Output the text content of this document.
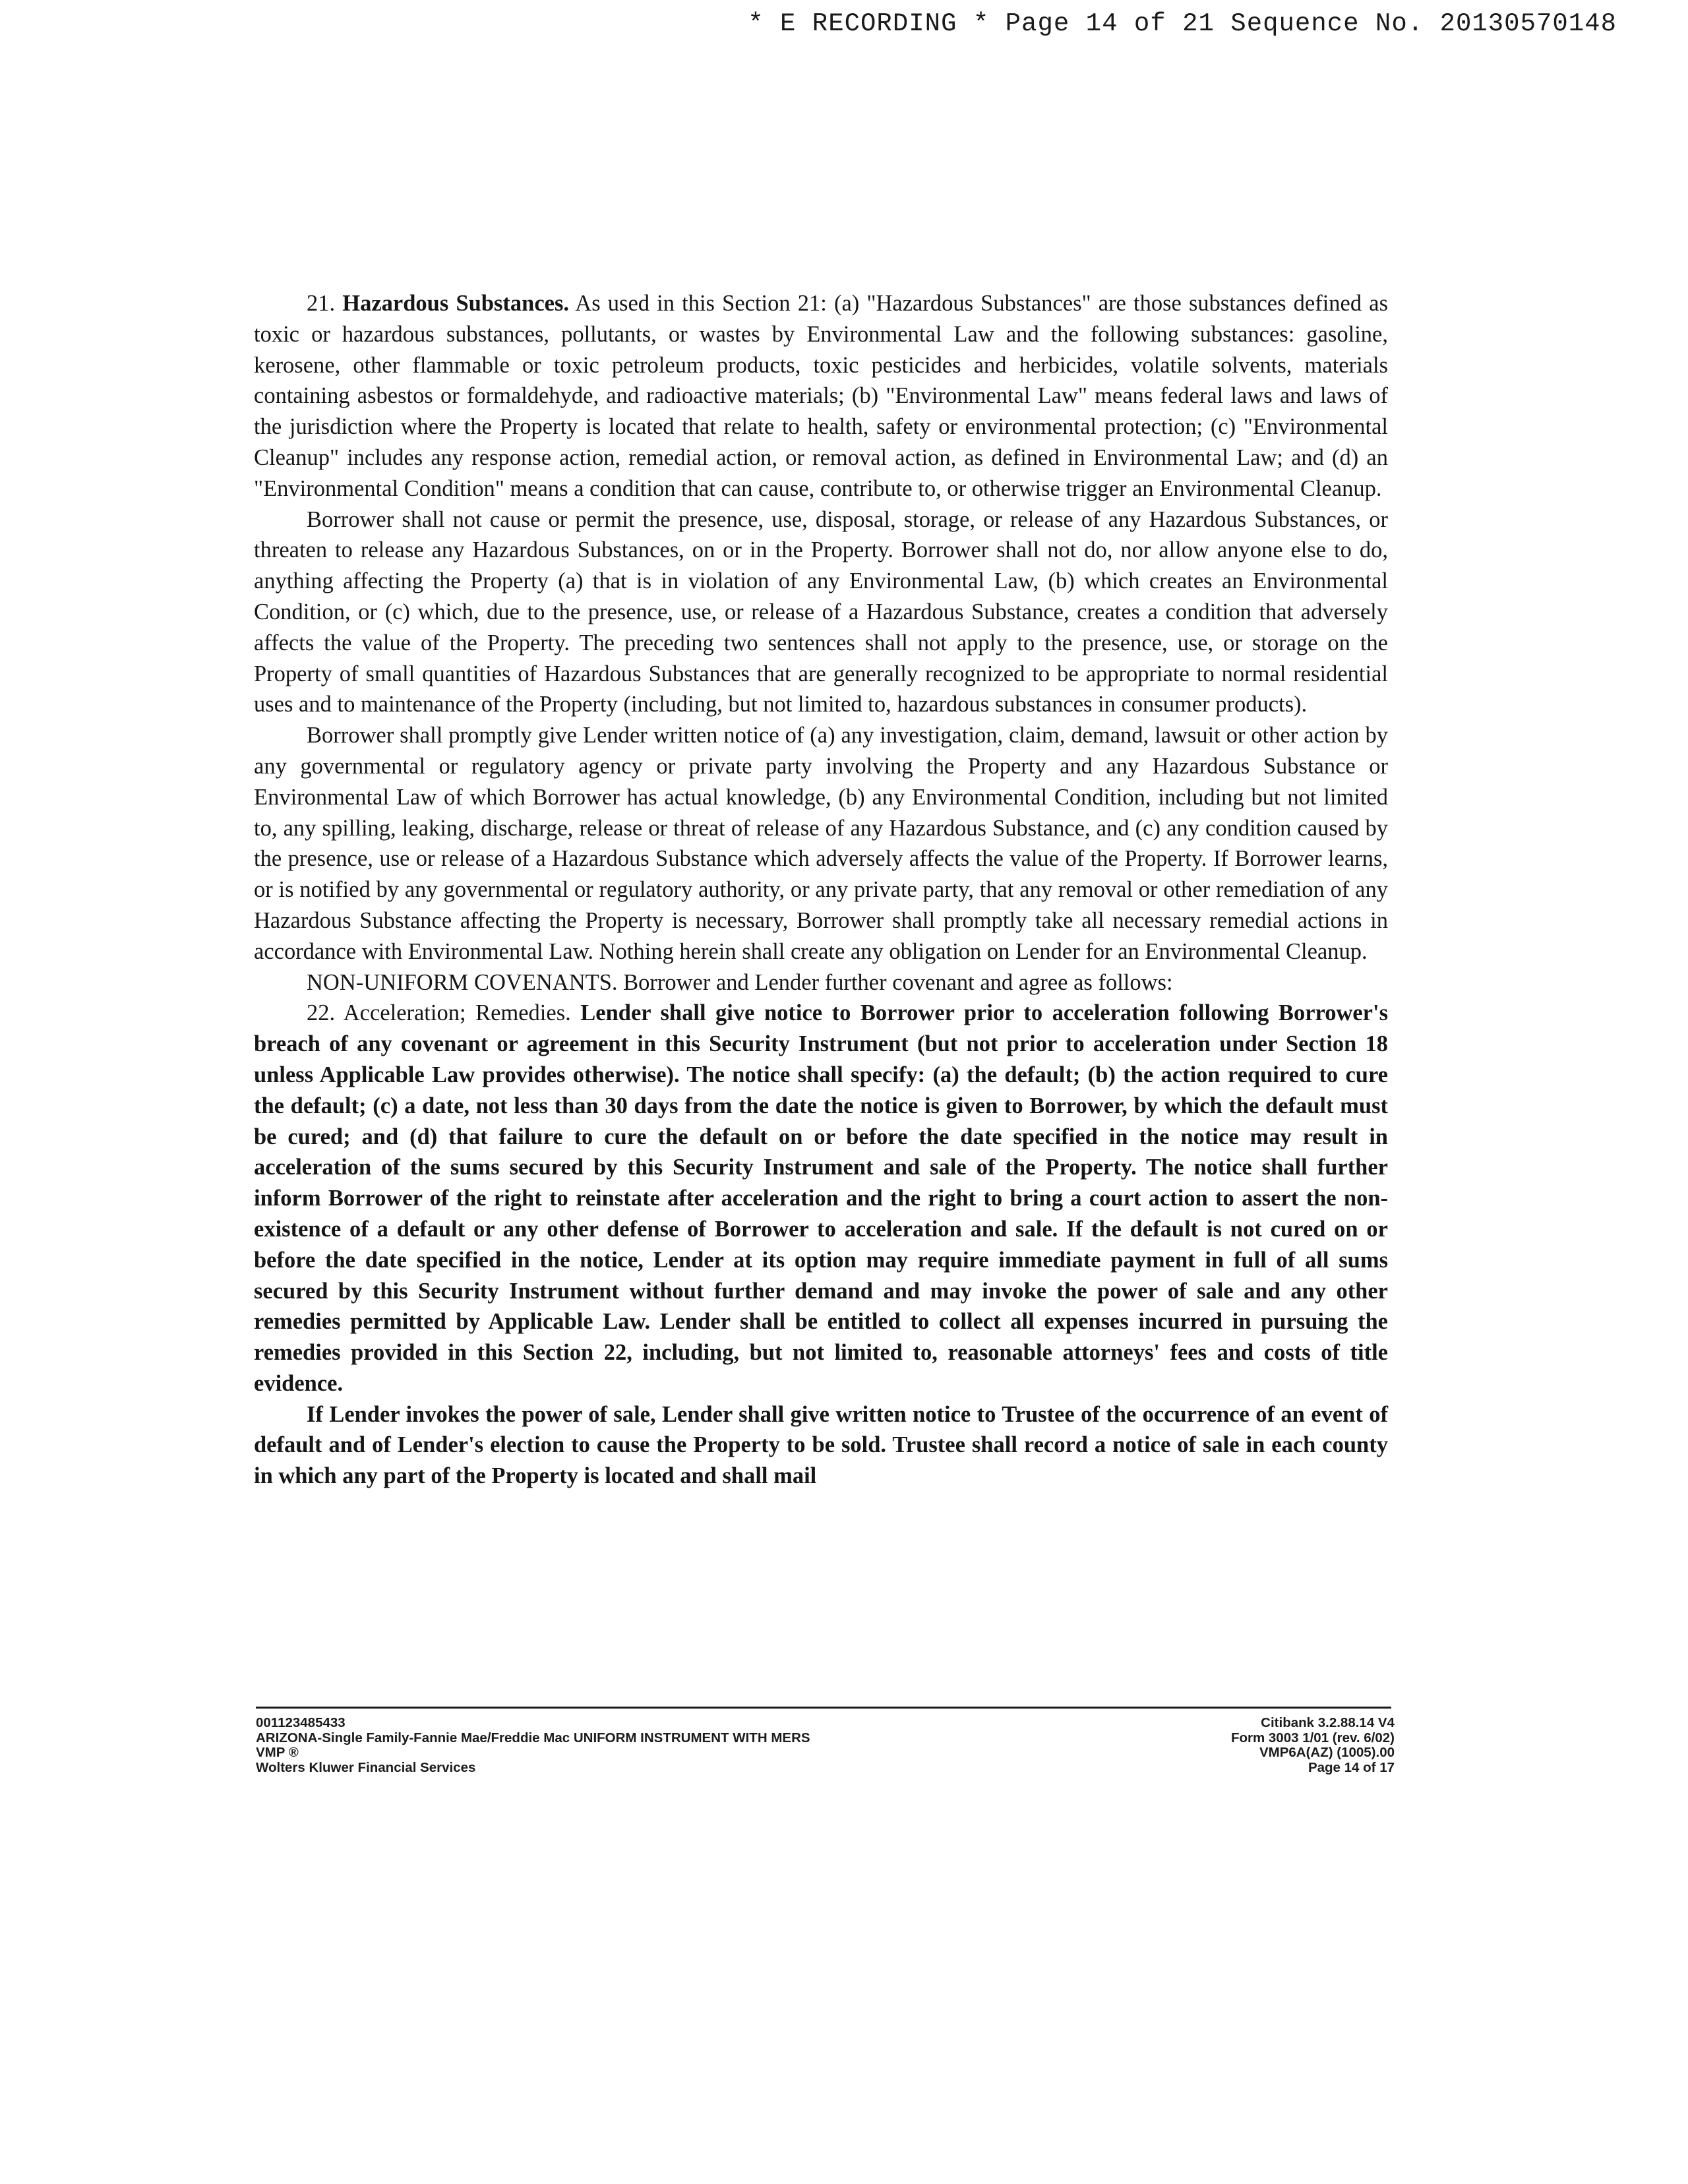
* E RECORDING * Page 14 of 21 Sequence No. 20130570148

21. Hazardous Substances. As used in this Section 21: (a) "Hazardous Substances" are those substances defined as toxic or hazardous substances, pollutants, or wastes by Environmental Law and the following substances: gasoline, kerosene, other flammable or toxic petroleum products, toxic pesticides and herbicides, volatile solvents, materials containing asbestos or formaldehyde, and radioactive materials; (b) "Environmental Law" means federal laws and laws of the jurisdiction where the Property is located that relate to health, safety or environmental protection; (c) "Environmental Cleanup" includes any response action, remedial action, or removal action, as defined in Environmental Law; and (d) an "Environmental Condition" means a condition that can cause, contribute to, or otherwise trigger an Environmental Cleanup.

Borrower shall not cause or permit the presence, use, disposal, storage, or release of any Hazardous Substances, or threaten to release any Hazardous Substances, on or in the Property. Borrower shall not do, nor allow anyone else to do, anything affecting the Property (a) that is in violation of any Environmental Law, (b) which creates an Environmental Condition, or (c) which, due to the presence, use, or release of a Hazardous Substance, creates a condition that adversely affects the value of the Property. The preceding two sentences shall not apply to the presence, use, or storage on the Property of small quantities of Hazardous Substances that are generally recognized to be appropriate to normal residential uses and to maintenance of the Property (including, but not limited to, hazardous substances in consumer products).

Borrower shall promptly give Lender written notice of (a) any investigation, claim, demand, lawsuit or other action by any governmental or regulatory agency or private party involving the Property and any Hazardous Substance or Environmental Law of which Borrower has actual knowledge, (b) any Environmental Condition, including but not limited to, any spilling, leaking, discharge, release or threat of release of any Hazardous Substance, and (c) any condition caused by the presence, use or release of a Hazardous Substance which adversely affects the value of the Property. If Borrower learns, or is notified by any governmental or regulatory authority, or any private party, that any removal or other remediation of any Hazardous Substance affecting the Property is necessary, Borrower shall promptly take all necessary remedial actions in accordance with Environmental Law. Nothing herein shall create any obligation on Lender for an Environmental Cleanup.

NON-UNIFORM COVENANTS. Borrower and Lender further covenant and agree as follows:

22. Acceleration; Remedies. Lender shall give notice to Borrower prior to acceleration following Borrower's breach of any covenant or agreement in this Security Instrument (but not prior to acceleration under Section 18 unless Applicable Law provides otherwise). The notice shall specify: (a) the default; (b) the action required to cure the default; (c) a date, not less than 30 days from the date the notice is given to Borrower, by which the default must be cured; and (d) that failure to cure the default on or before the date specified in the notice may result in acceleration of the sums secured by this Security Instrument and sale of the Property. The notice shall further inform Borrower of the right to reinstate after acceleration and the right to bring a court action to assert the non-existence of a default or any other defense of Borrower to acceleration and sale. If the default is not cured on or before the date specified in the notice, Lender at its option may require immediate payment in full of all sums secured by this Security Instrument without further demand and may invoke the power of sale and any other remedies permitted by Applicable Law. Lender shall be entitled to collect all expenses incurred in pursuing the remedies provided in this Section 22, including, but not limited to, reasonable attorneys' fees and costs of title evidence.

If Lender invokes the power of sale, Lender shall give written notice to Trustee of the occurrence of an event of default and of Lender's election to cause the Property to be sold. Trustee shall record a notice of sale in each county in which any part of the Property is located and shall mail

001123485433
ARIZONA-Single Family-Fannie Mae/Freddie Mac UNIFORM INSTRUMENT WITH MERS
VMP ®
Wolters Kluwer Financial Services
Citibank 3.2.88.14 V4
Form 3003 1/01 (rev. 6/02)
VMP6A(AZ) (1005).00
Page 14 of 17
